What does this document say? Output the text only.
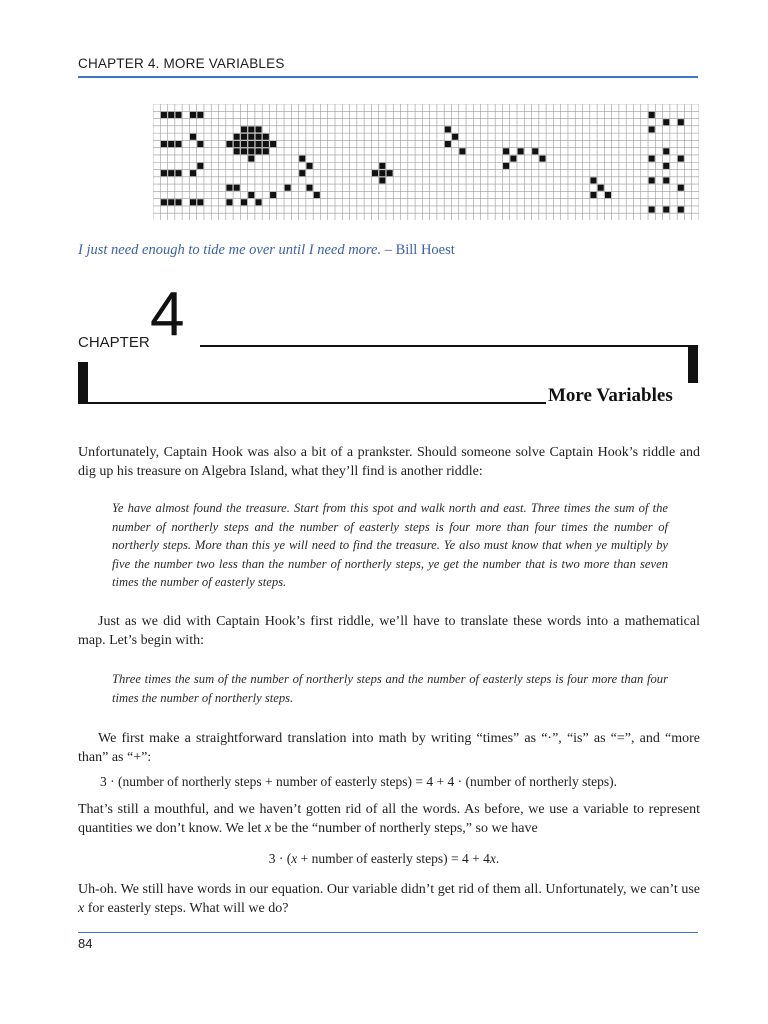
CHAPTER 4. MORE VARIABLES
I just need enough to tide me over until I need more. – Bill Hoest
CHAPTER 4
More Variables
Unfortunately, Captain Hook was also a bit of a prankster. Should someone solve Captain Hook’s riddle and dig up his treasure on Algebra Island, what they’ll find is another riddle:
Ye have almost found the treasure. Start from this spot and walk north and east. Three times the sum of the number of northerly steps and the number of easterly steps is four more than four times the number of northerly steps. More than this ye will need to find the treasure. Ye also must know that when ye multiply by five the number two less than the number of northerly steps, ye get the number that is two more than seven times the number of easterly steps.
Just as we did with Captain Hook’s first riddle, we’ll have to translate these words into a mathematical map. Let’s begin with:
Three times the sum of the number of northerly steps and the number of easterly steps is four more than four times the number of northerly steps.
We first make a straightforward translation into math by writing “times” as “·”, “is” as “=”, and “more than” as “+”:
3 · (number of northerly steps + number of easterly steps) = 4 + 4 · (number of northerly steps).
That’s still a mouthful, and we haven’t gotten rid of all the words. As before, we use a variable to represent quantities we don’t know. We let x be the “number of northerly steps,” so we have
3 · (x + number of easterly steps) = 4 + 4x.
Uh-oh. We still have words in our equation. Our variable didn’t get rid of them all. Unfortunately, we can’t use x for easterly steps. What will we do?
84
